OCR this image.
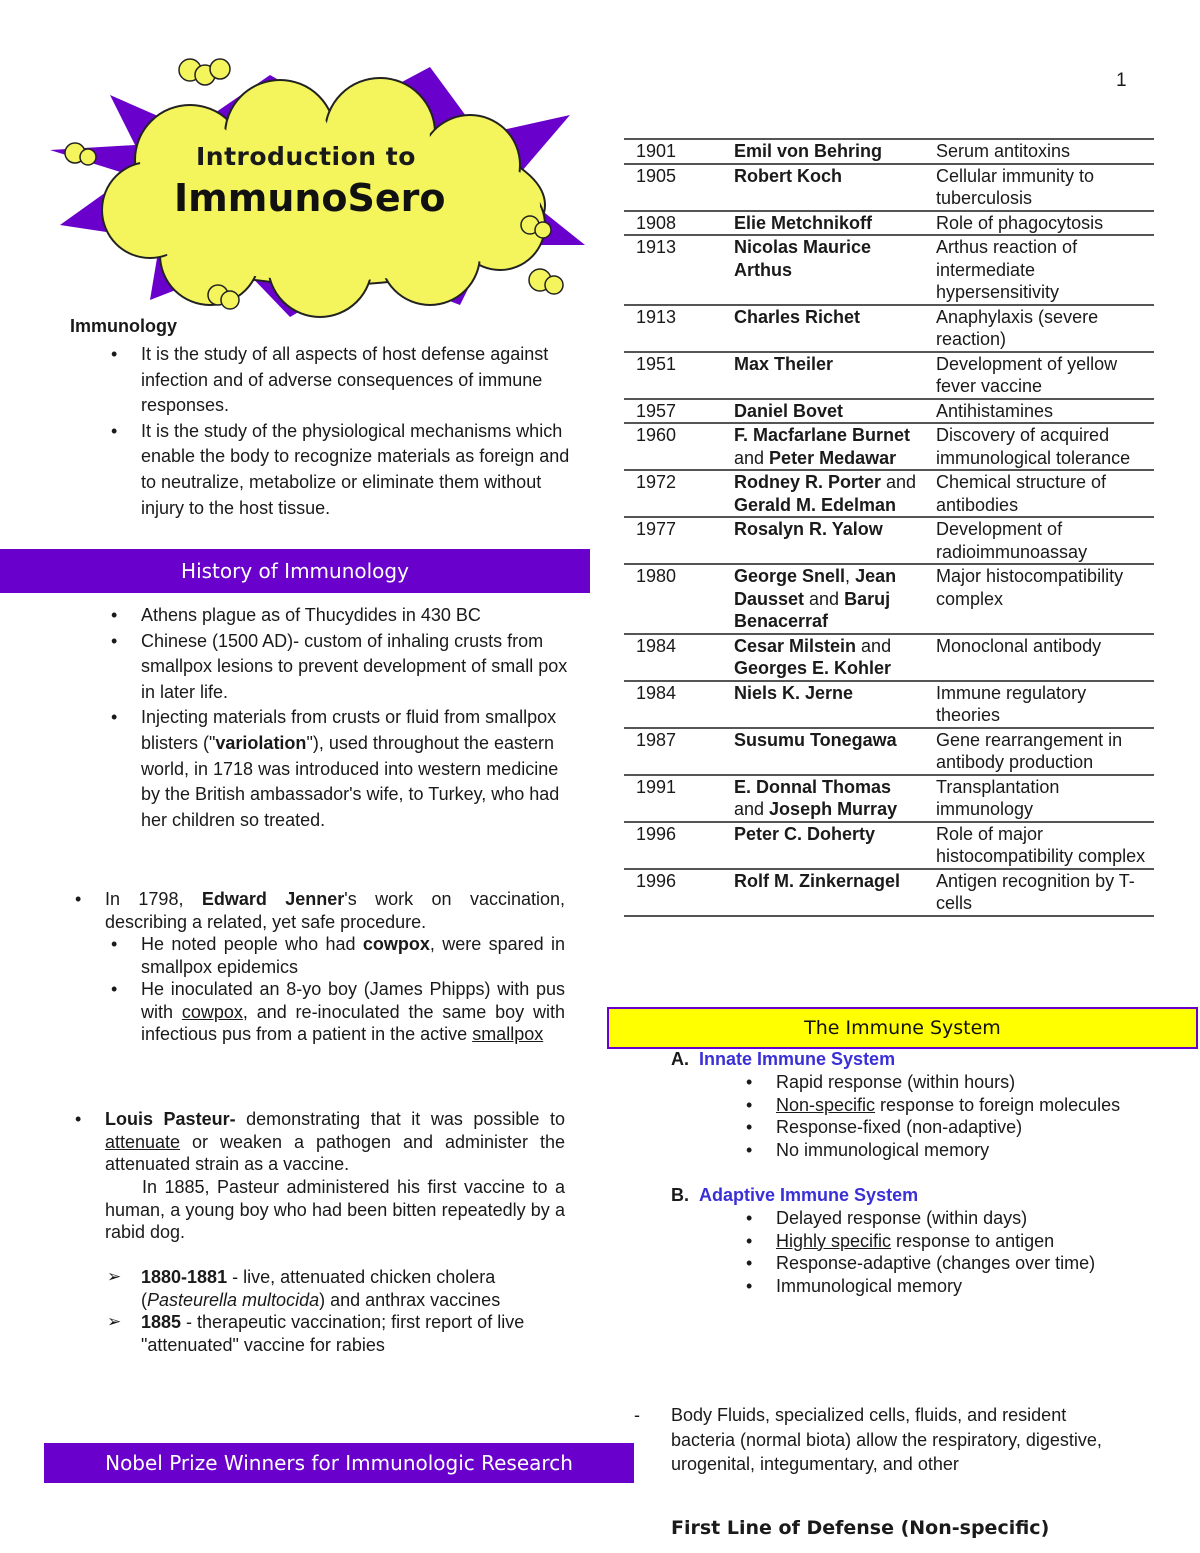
1
Introduction to
ImmunoSero
Immunology
• It is the study of all aspects of host defense against infection and of adverse consequences of immune responses.
• It is the study of the physiological mechanisms which enable the body to recognize materials as foreign and to neutralize, metabolize or eliminate them without injury to the host tissue.
History of Immunology
• Athens plague as of Thucydides in 430 BC
• Chinese (1500 AD)- custom of inhaling crusts from smallpox lesions to prevent development of small pox in later life.
• Injecting materials from crusts or fluid from smallpox blisters ("variolation"), used throughout the eastern world, in 1718 was introduced into western medicine by the British ambassador's wife, to Turkey, who had her children so treated.
• In 1798, Edward Jenner's work on vaccination, describing a related, yet safe procedure.
• He noted people who had cowpox, were spared in smallpox epidemics
• He inoculated an 8-yo boy (James Phipps) with pus with cowpox, and re-inoculated the same boy with infectious pus from a patient in the active smallpox
• Louis Pasteur- demonstrating that it was possible to attenuate or weaken a pathogen and administer the attenuated strain as a vaccine.
In 1885, Pasteur administered his first vaccine to a human, a young boy who had been bitten repeatedly by a rabid dog.
➢ 1880-1881 - live, attenuated chicken cholera (Pasteurella multocida) and anthrax vaccines
➢ 1885 - therapeutic vaccination; first report of live "attenuated" vaccine for rabies
Nobel Prize Winners for Immunologic Research
1901	Emil von Behring	Serum antitoxins
1905	Robert Koch	Cellular immunity to tuberculosis
1908	Elie Metchnikoff	Role of phagocytosis
1913	Nicolas Maurice Arthus	Arthus reaction of intermediate hypersensitivity
1913	Charles Richet	Anaphylaxis (severe reaction)
1951	Max Theiler	Development of yellow fever vaccine
1957	Daniel Bovet	Antihistamines
1960	F. Macfarlane Burnet and Peter Medawar	Discovery of acquired immunological tolerance
1972	Rodney R. Porter and Gerald M. Edelman	Chemical structure of antibodies
1977	Rosalyn R. Yalow	Development of radioimmunoassay
1980	George Snell, Jean Dausset and Baruj Benacerraf	Major histocompatibility complex
1984	Cesar Milstein and Georges E. Kohler	Monoclonal antibody
1984	Niels K. Jerne	Immune regulatory theories
1987	Susumu Tonegawa	Gene rearrangement in antibody production
1991	E. Donnal Thomas and Joseph Murray	Transplantation immunology
1996	Peter C. Doherty	Role of major histocompatibility complex
1996	Rolf M. Zinkernagel	Antigen recognition by T-cells
The Immune System
A. Innate Immune System
• Rapid response (within hours)
• Non-specific response to foreign molecules
• Response-fixed (non-adaptive)
• No immunological memory
B. Adaptive Immune System
• Delayed response (within days)
• Highly specific response to antigen
• Response-adaptive (changes over time)
• Immunological memory
- Body Fluids, specialized cells, fluids, and resident bacteria (normal biota) allow the respiratory, digestive, urogenital, integumentary, and other
First Line of Defense (Non-specific)
